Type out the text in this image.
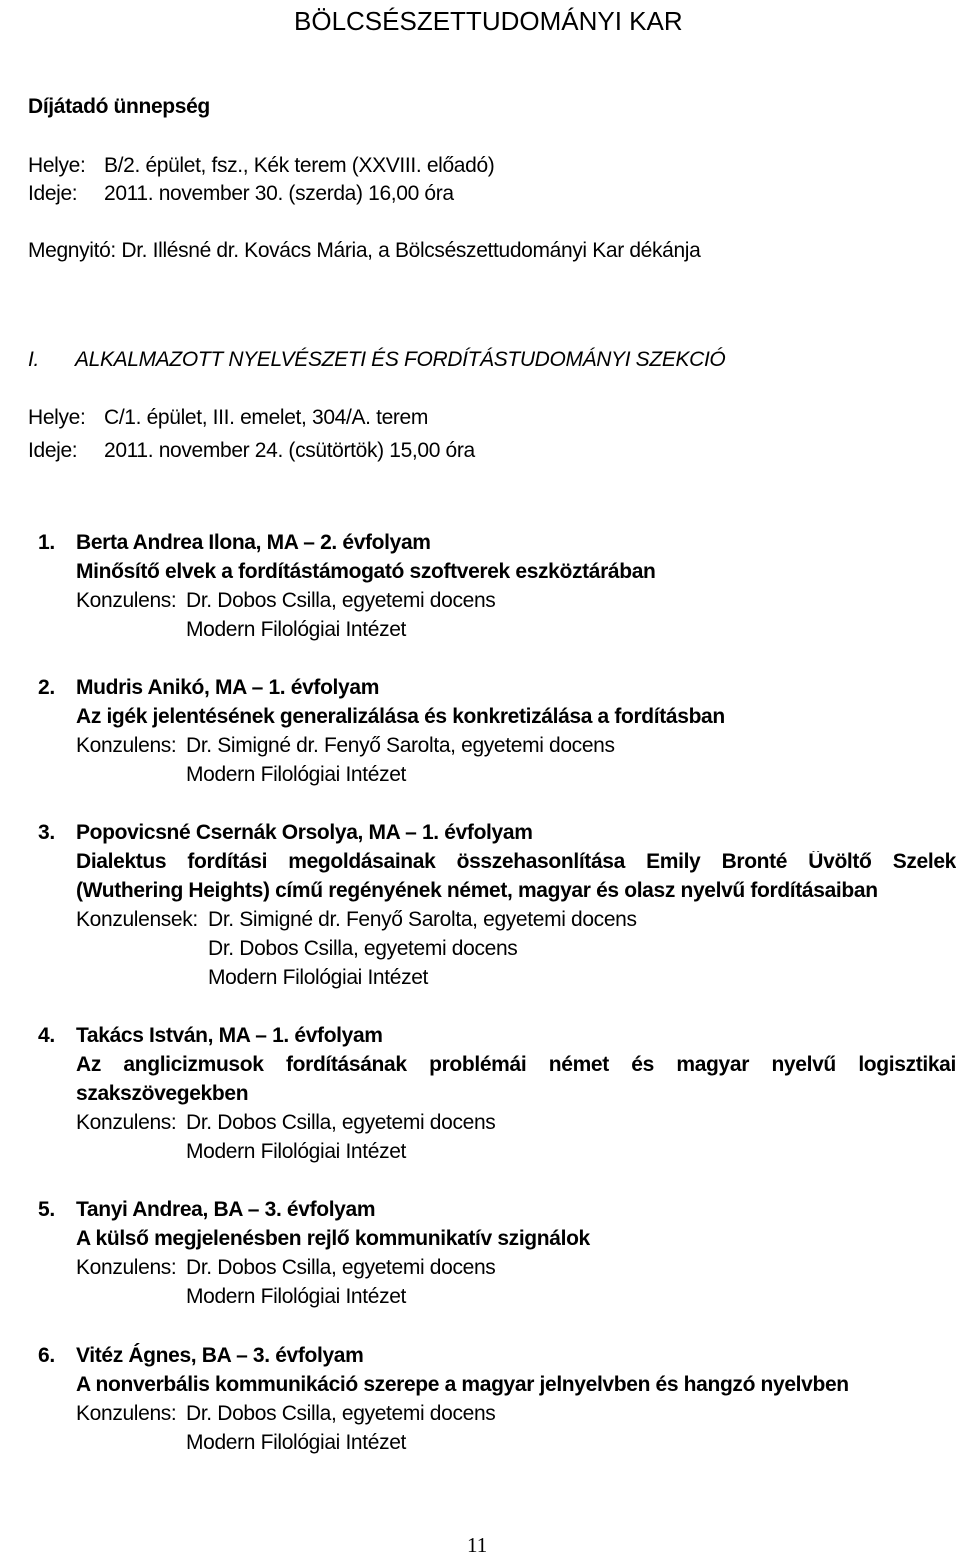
BÖLCSÉSZETTUDOMÁNYI KAR
Díjátadó ünnepség
Helye: B/2. épület, fsz., Kék terem (XXVIII. előadó)
Ideje: 2011. november 30. (szerda) 16,00 óra
Megnyitó: Dr. Illésné dr. Kovács Mária, a Bölcsészettudományi Kar dékánja
I. ALKALMAZOTT NYELVÉSZETI ÉS FORDÍTÁSTUDOMÁNYI SZEKCIÓ
Helye: C/1. épület, III. emelet, 304/A. terem
Ideje: 2011. november 24. (csütörtök) 15,00 óra
1. Berta Andrea Ilona, MA – 2. évfolyam
Minősítő elvek a fordítástámogató szoftverek eszköztárában
Konzulens: Dr. Dobos Csilla, egyetemi docens
Modern Filológiai Intézet
2. Mudris Anikó, MA – 1. évfolyam
Az igék jelentésének generalizálása és konkretizálása a fordításban
Konzulens: Dr. Simigné dr. Fenyő Sarolta, egyetemi docens
Modern Filológiai Intézet
3. Popovicsné Csernák Orsolya, MA – 1. évfolyam
Dialektus fordítási megoldásainak összehasonlítása Emily Bronté Üvöltő Szelek
(Wuthering Heights) című regényének német, magyar és olasz nyelvű fordításaiban
Konzulensek: Dr. Simigné dr. Fenyő Sarolta, egyetemi docens
Dr. Dobos Csilla, egyetemi docens
Modern Filológiai Intézet
4. Takács István, MA – 1. évfolyam
Az anglicizmusok fordításának problémái német és magyar nyelvű logisztikai
szakszövegekben
Konzulens: Dr. Dobos Csilla, egyetemi docens
Modern Filológiai Intézet
5. Tanyi Andrea, BA – 3. évfolyam
A külső megjelenésben rejlő kommunikatív szignálok
Konzulens: Dr. Dobos Csilla, egyetemi docens
Modern Filológiai Intézet
6. Vitéz Ágnes, BA – 3. évfolyam
A nonverbális kommunikáció szerepe a magyar jelnyelvben és hangzó nyelvben
Konzulens: Dr. Dobos Csilla, egyetemi docens
Modern Filológiai Intézet
11
